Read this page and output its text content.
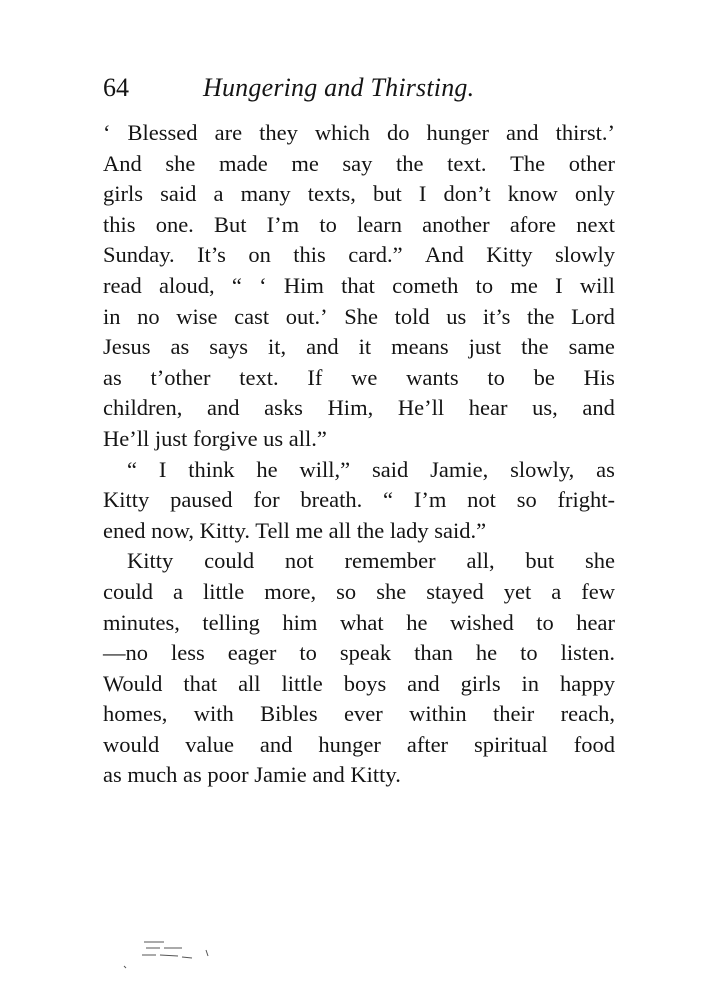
64	Hungering and Thirsting.
‘ Blessed are they which do hunger and thirst.’
And she made me say the text. The other
girls said a many texts, but I don’t know only
this one. But I’m to learn another afore next
Sunday. It’s on this card.” And Kitty slowly
read aloud, “ ‘ Him that cometh to me I will
in no wise cast out.’ She told us it’s the Lord
Jesus as says it, and it means just the same
as t’other text. If we wants to be His
children, and asks Him, He’ll hear us, and
He’ll just forgive us all.”
“ I think he will,” said Jamie, slowly, as
Kitty paused for breath. “ I’m not so fright-
ened now, Kitty. Tell me all the lady said.”
Kitty could not remember all, but she
could a little more, so she stayed yet a few
minutes, telling him what he wished to hear
—no less eager to speak than he to listen.
Would that all little boys and girls in happy
homes, with Bibles ever within their reach,
would value and hunger after spiritual food
as much as poor Jamie and Kitty.
